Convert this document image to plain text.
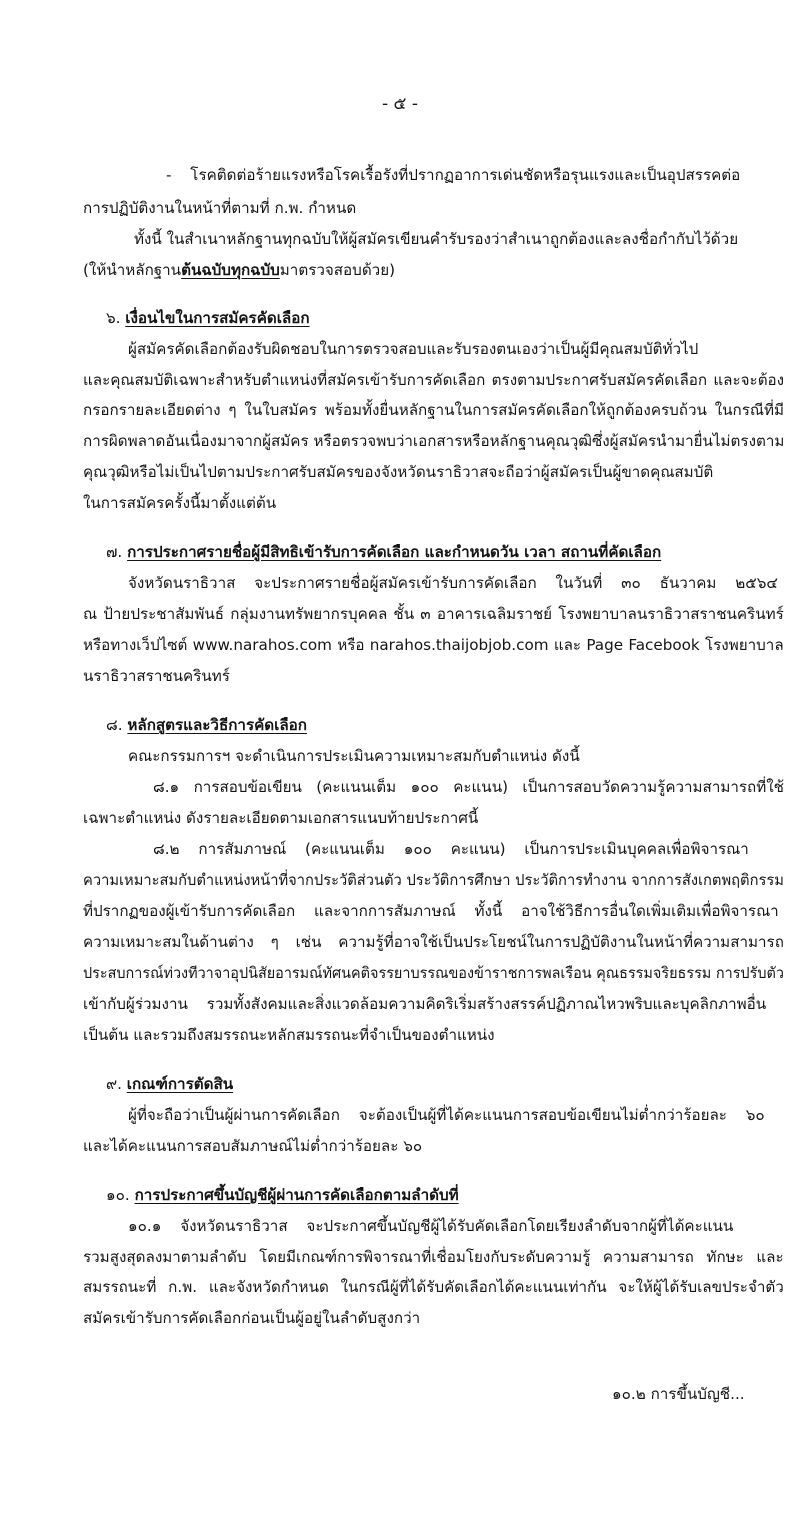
- ๕ -
- โรคติดต่อร้ายแรงหรือโรคเรื้อรังที่ปรากฏอาการเด่นชัดหรือรุนแรงและเป็นอุปสรรคต่อ
การปฏิบัติงานในหน้าที่ตามที่ ก.พ. กำหนด
ทั้งนี้ ในสำเนาหลักฐานทุกฉบับให้ผู้สมัครเขียนคำรับรองว่าสำเนาถูกต้องและลงชื่อกำกับไว้ด้วย
(ให้นำหลักฐานต้นฉบับทุกฉบับมาตรวจสอบด้วย)
๖. เงื่อนไขในการสมัครคัดเลือก
ผู้สมัครคัดเลือกต้องรับผิดชอบในการตรวจสอบและรับรองตนเองว่าเป็นผู้มีคุณสมบัติทั่วไป
และคุณสมบัติเฉพาะสำหรับตำแหน่งที่สมัครเข้ารับการคัดเลือก ตรงตามประกาศรับสมัครคัดเลือก และจะต้อง
กรอกรายละเอียดต่าง ๆ ในใบสมัคร พร้อมทั้งยื่นหลักฐานในการสมัครคัดเลือกให้ถูกต้องครบถ้วน ในกรณีที่มี
การผิดพลาดอันเนื่องมาจากผู้สมัคร หรือตรวจพบว่าเอกสารหรือหลักฐานคุณวุฒิซึ่งผู้สมัครนำมายื่นไม่ตรงตาม
คุณวุฒิหรือไม่เป็นไปตามประกาศรับสมัครของจังหวัดนราธิวาสจะถือว่าผู้สมัครเป็นผู้ขาดคุณสมบัติ
ในการสมัครครั้งนี้มาตั้งแต่ต้น
๗. การประกาศรายชื่อผู้มีสิทธิเข้ารับการคัดเลือก และกำหนดวัน เวลา สถานที่คัดเลือก
จังหวัดนราธิวาส จะประกาศรายชื่อผู้สมัครเข้ารับการคัดเลือก ในวันที่ ๓๐ ธันวาคม ๒๕๖๔
ณ ป้ายประชาสัมพันธ์ กลุ่มงานทรัพยากรบุคคล ชั้น ๓ อาคารเฉลิมราชย์ โรงพยาบาลนราธิวาสราชนครินทร์
หรือทางเว็ปไซต์ www.narahos.com หรือ narahos.thaijobjob.com และ Page Facebook โรงพยาบาล
นราธิวาสราชนครินทร์
๘. หลักสูตรและวิธีการคัดเลือก
คณะกรรมการฯ จะดำเนินการประเมินความเหมาะสมกับตำแหน่ง ดังนี้
๘.๑ การสอบข้อเขียน (คะแนนเต็ม ๑๐๐ คะแนน) เป็นการสอบวัดความรู้ความสามารถที่ใช้
เฉพาะตำแหน่ง ดังรายละเอียดตามเอกสารแนบท้ายประกาศนี้
๘.๒ การสัมภาษณ์ (คะแนนเต็ม ๑๐๐ คะแนน) เป็นการประเมินบุคคลเพื่อพิจารณา
ความเหมาะสมกับตำแหน่งหน้าที่จากประวัติส่วนตัว ประวัติการศึกษา ประวัติการทำงาน จากการสังเกตพฤติกรรม
ที่ปรากฏของผู้เข้ารับการคัดเลือก และจากการสัมภาษณ์ ทั้งนี้ อาจใช้วิธีการอื่นใดเพิ่มเติมเพื่อพิจารณา
ความเหมาะสมในด้านต่าง ๆ เช่น ความรู้ที่อาจใช้เป็นประโยชน์ในการปฏิบัติงานในหน้าที่ความสามารถ
ประสบการณ์ท่วงทีวาจาอุปนิสัยอารมณ์ทัศนคติจรรยาบรรณของข้าราชการพลเรือน คุณธรรมจริยธรรม การปรับตัว
เข้ากับผู้ร่วมงาน รวมทั้งสังคมและสิ่งแวดล้อมความคิดริเริ่มสร้างสรรค์ปฏิภาณไหวพริบและบุคลิกภาพอื่น
เป็นต้น และรวมถึงสมรรถนะหลักสมรรถนะที่จำเป็นของตำแหน่ง
๙. เกณฑ์การตัดสิน
ผู้ที่จะถือว่าเป็นผู้ผ่านการคัดเลือก จะต้องเป็นผู้ที่ได้คะแนนการสอบข้อเขียนไม่ต่ำกว่าร้อยละ ๖๐
และได้คะแนนการสอบสัมภาษณ์ไม่ต่ำกว่าร้อยละ ๖๐
๑๐. การประกาศขึ้นบัญชีผู้ผ่านการคัดเลือกตามลำดับที่
๑๐.๑ จังหวัดนราธิวาส จะประกาศขึ้นบัญชีผู้ได้รับคัดเลือกโดยเรียงลำดับจากผู้ที่ได้คะแนน
รวมสูงสุดลงมาตามลำดับ โดยมีเกณฑ์การพิจารณาที่เชื่อมโยงกับระดับความรู้ ความสามารถ ทักษะ และ
สมรรถนะที่ ก.พ. และจังหวัดกำหนด ในกรณีผู้ที่ได้รับคัดเลือกได้คะแนนเท่ากัน จะให้ผู้ได้รับเลขประจำตัว
สมัครเข้ารับการคัดเลือกก่อนเป็นผู้อยู่ในลำดับสูงกว่า
๑๐.๒ การขึ้นบัญชี...
